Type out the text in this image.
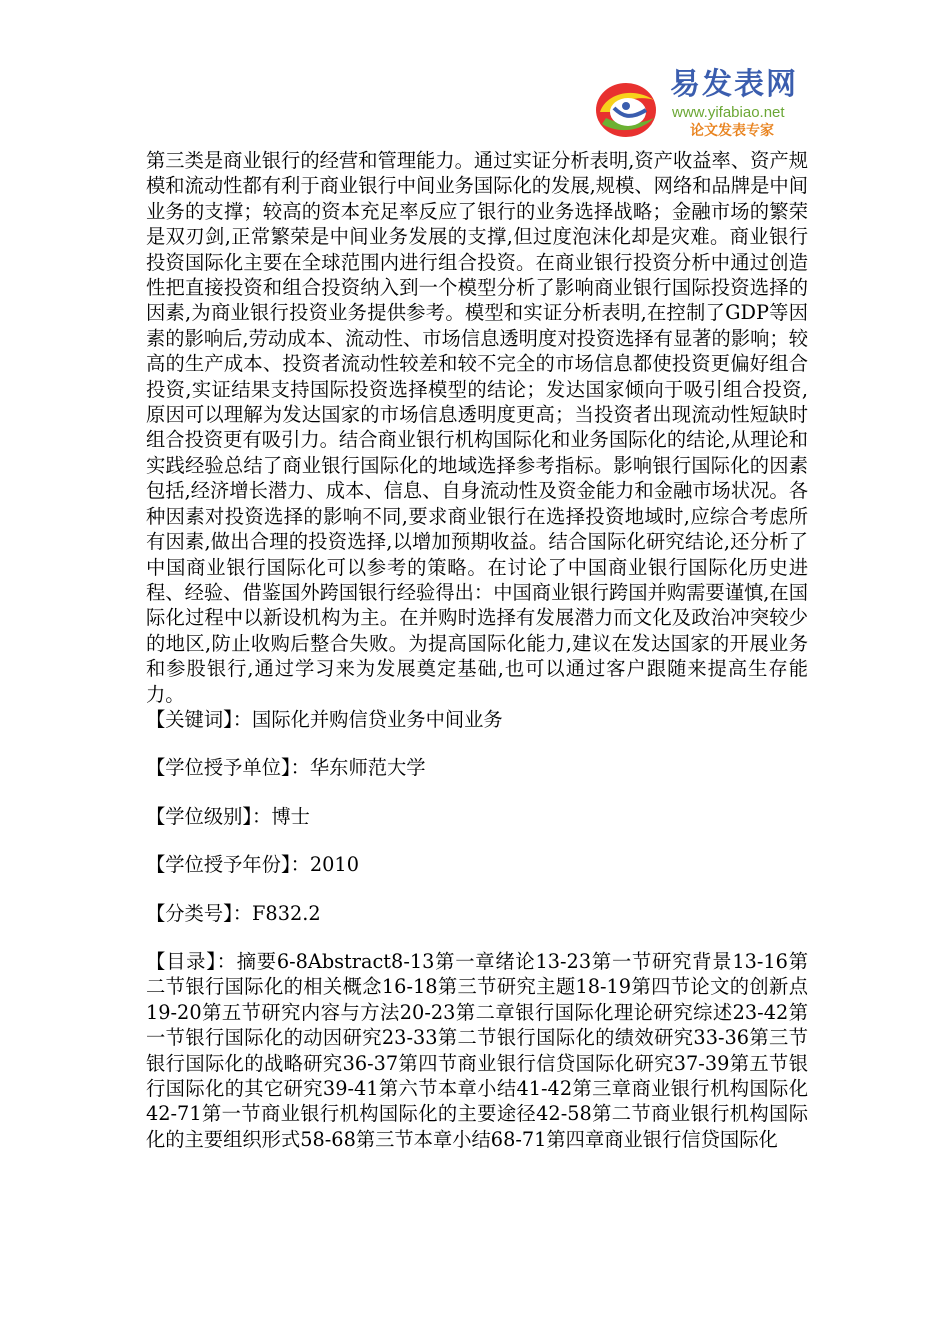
易发表网
www.yifabiao.net
论文发表专家

第三类是商业银行的经营和管理能力。通过实证分析表明,资产收益率、资产规模和流动性都有利于商业银行中间业务国际化的发展,规模、网络和品牌是中间业务的支撑；较高的资本充足率反应了银行的业务选择战略；金融市场的繁荣是双刃剑,正常繁荣是中间业务发展的支撑,但过度泡沫化却是灾难。商业银行投资国际化主要在全球范围内进行组合投资。在商业银行投资分析中通过创造性把直接投资和组合投资纳入到一个模型分析了影响商业银行国际投资选择的因素,为商业银行投资业务提供参考。模型和实证分析表明,在控制了GDP等因素的影响后,劳动成本、流动性、市场信息透明度对投资选择有显著的影响；较高的生产成本、投资者流动性较差和较不完全的市场信息都使投资更偏好组合投资,实证结果支持国际投资选择模型的结论；发达国家倾向于吸引组合投资,原因可以理解为发达国家的市场信息透明度更高；当投资者出现流动性短缺时组合投资更有吸引力。结合商业银行机构国际化和业务国际化的结论,从理论和实践经验总结了商业银行国际化的地域选择参考指标。影响银行国际化的因素包括,经济增长潜力、成本、信息、自身流动性及资金能力和金融市场状况。各种因素对投资选择的影响不同,要求商业银行在选择投资地域时,应综合考虑所有因素,做出合理的投资选择,以增加预期收益。结合国际化研究结论,还分析了中国商业银行国际化可以参考的策略。在讨论了中国商业银行国际化历史进程、经验、借鉴国外跨国银行经验得出：中国商业银行跨国并购需要谨慎,在国际化过程中以新设机构为主。在并购时选择有发展潜力而文化及政治冲突较少的地区,防止收购后整合失败。为提高国际化能力,建议在发达国家的开展业务和参股银行,通过学习来为发展奠定基础,也可以通过客户跟随来提高生存能力。

【关键词】：国际化并购信贷业务中间业务

【学位授予单位】：华东师范大学

【学位级别】：博士

【学位授予年份】：2010

【分类号】：F832.2

【目录】：摘要6-8Abstract8-13第一章绪论13-23第一节研究背景13-16第二节银行国际化的相关概念16-18第三节研究主题18-19第四节论文的创新点19-20第五节研究内容与方法20-23第二章银行国际化理论研究综述23-42第一节银行国际化的动因研究23-33第二节银行国际化的绩效研究33-36第三节银行国际化的战略研究36-37第四节商业银行信贷国际化研究37-39第五节银行国际化的其它研究39-41第六节本章小结41-42第三章商业银行机构国际化42-71第一节商业银行机构国际化的主要途径42-58第二节商业银行机构国际化的主要组织形式58-68第三节本章小结68-71第四章商业银行信贷国际化
